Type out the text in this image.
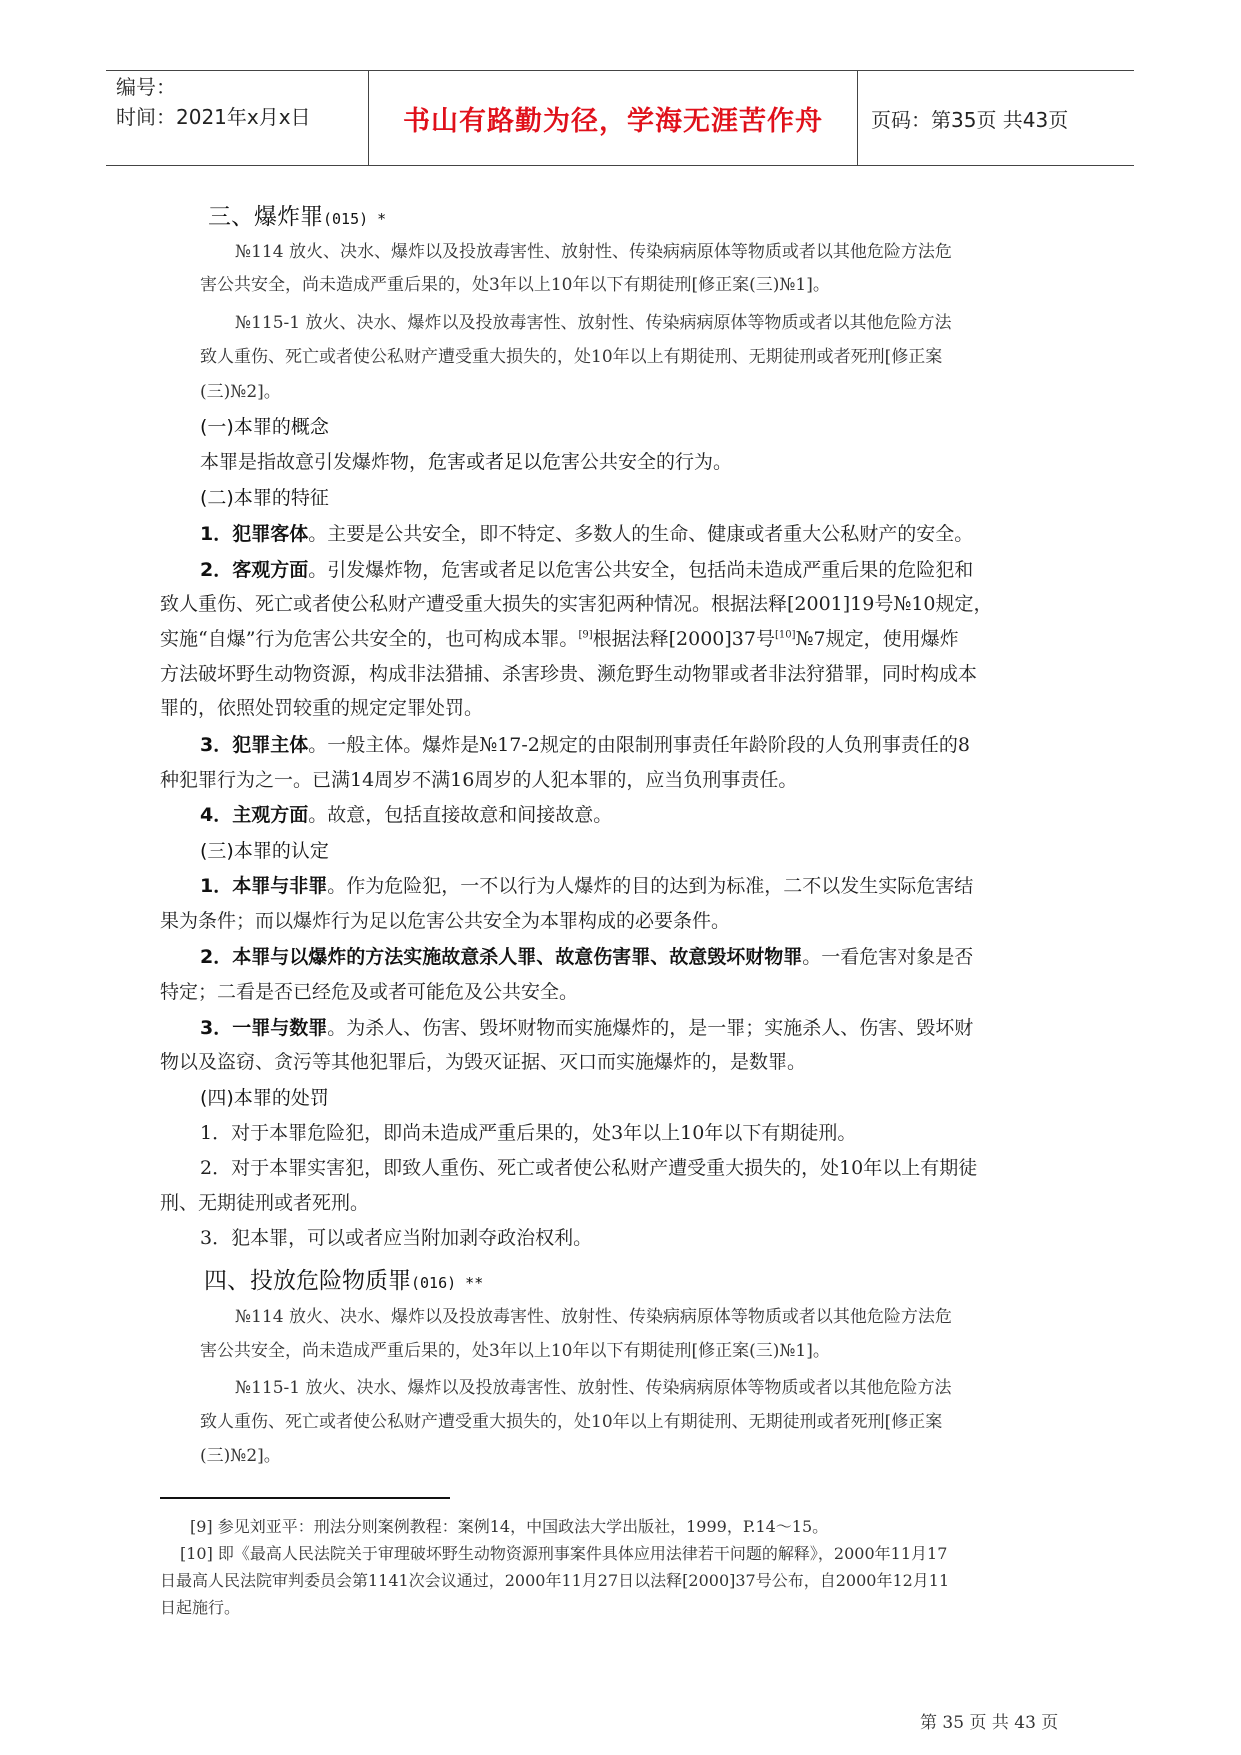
编号：
时间：2021年x月x日	书山有路勤为径，学海无涯苦作舟	页码：第35页 共43页
三、爆炸罪(015) *
№114 放火、决水、爆炸以及投放毒害性、放射性、传染病病原体等物质或者以其他危险方法危
害公共安全，尚未造成严重后果的，处3年以上10年以下有期徒刑[修正案(三)№1]。
№115-1 放火、决水、爆炸以及投放毒害性、放射性、传染病病原体等物质或者以其他危险方法
致人重伤、死亡或者使公私财产遭受重大损失的，处10年以上有期徒刑、无期徒刑或者死刑[修正案
(三)№2]。
(一)本罪的概念
本罪是指故意引发爆炸物，危害或者足以危害公共安全的行为。
(二)本罪的特征
1．犯罪客体。主要是公共安全，即不特定、多数人的生命、健康或者重大公私财产的安全。
2．客观方面。引发爆炸物，危害或者足以危害公共安全，包括尚未造成严重后果的危险犯和
致人重伤、死亡或者使公私财产遭受重大损失的实害犯两种情况。根据法释[2001]19号№10规定，
实施“自爆”行为危害公共安全的，也可构成本罪。[9]根据法释[2000]37号[10]№7规定，使用爆炸
方法破坏野生动物资源，构成非法猎捕、杀害珍贵、濒危野生动物罪或者非法狩猎罪，同时构成本
罪的，依照处罚较重的规定定罪处罚。
3．犯罪主体。一般主体。爆炸是№17-2规定的由限制刑事责任年龄阶段的人负刑事责任的8
种犯罪行为之一。已满14周岁不满16周岁的人犯本罪的，应当负刑事责任。
4．主观方面。故意，包括直接故意和间接故意。
(三)本罪的认定
1．本罪与非罪。作为危险犯，一不以行为人爆炸的目的达到为标准，二不以发生实际危害结
果为条件；而以爆炸行为足以危害公共安全为本罪构成的必要条件。
2．本罪与以爆炸的方法实施故意杀人罪、故意伤害罪、故意毁坏财物罪。一看危害对象是否
特定；二看是否已经危及或者可能危及公共安全。
3．一罪与数罪。为杀人、伤害、毁坏财物而实施爆炸的，是一罪；实施杀人、伤害、毁坏财
物以及盗窃、贪污等其他犯罪后，为毁灭证据、灭口而实施爆炸的，是数罪。
(四)本罪的处罚
1．对于本罪危险犯，即尚未造成严重后果的，处3年以上10年以下有期徒刑。
2．对于本罪实害犯，即致人重伤、死亡或者使公私财产遭受重大损失的，处10年以上有期徒
刑、无期徒刑或者死刑。
3．犯本罪，可以或者应当附加剥夺政治权利。
四、投放危险物质罪(016) **
№114 放火、决水、爆炸以及投放毒害性、放射性、传染病病原体等物质或者以其他危险方法危
害公共安全，尚未造成严重后果的，处3年以上10年以下有期徒刑[修正案(三)№1]。
№115-1 放火、决水、爆炸以及投放毒害性、放射性、传染病病原体等物质或者以其他危险方法
致人重伤、死亡或者使公私财产遭受重大损失的，处10年以上有期徒刑、无期徒刑或者死刑[修正案
(三)№2]。
[9] 参见刘亚平：刑法分则案例教程：案例14，中国政法大学出版社，1999，P.14～15。
[10] 即《最高人民法院关于审理破坏野生动物资源刑事案件具体应用法律若干问题的解释》，2000年11月17
日最高人民法院审判委员会第1141次会议通过，2000年11月27日以法释[2000]37号公布，自2000年12月11
日起施行。
第 35 页 共 43 页
